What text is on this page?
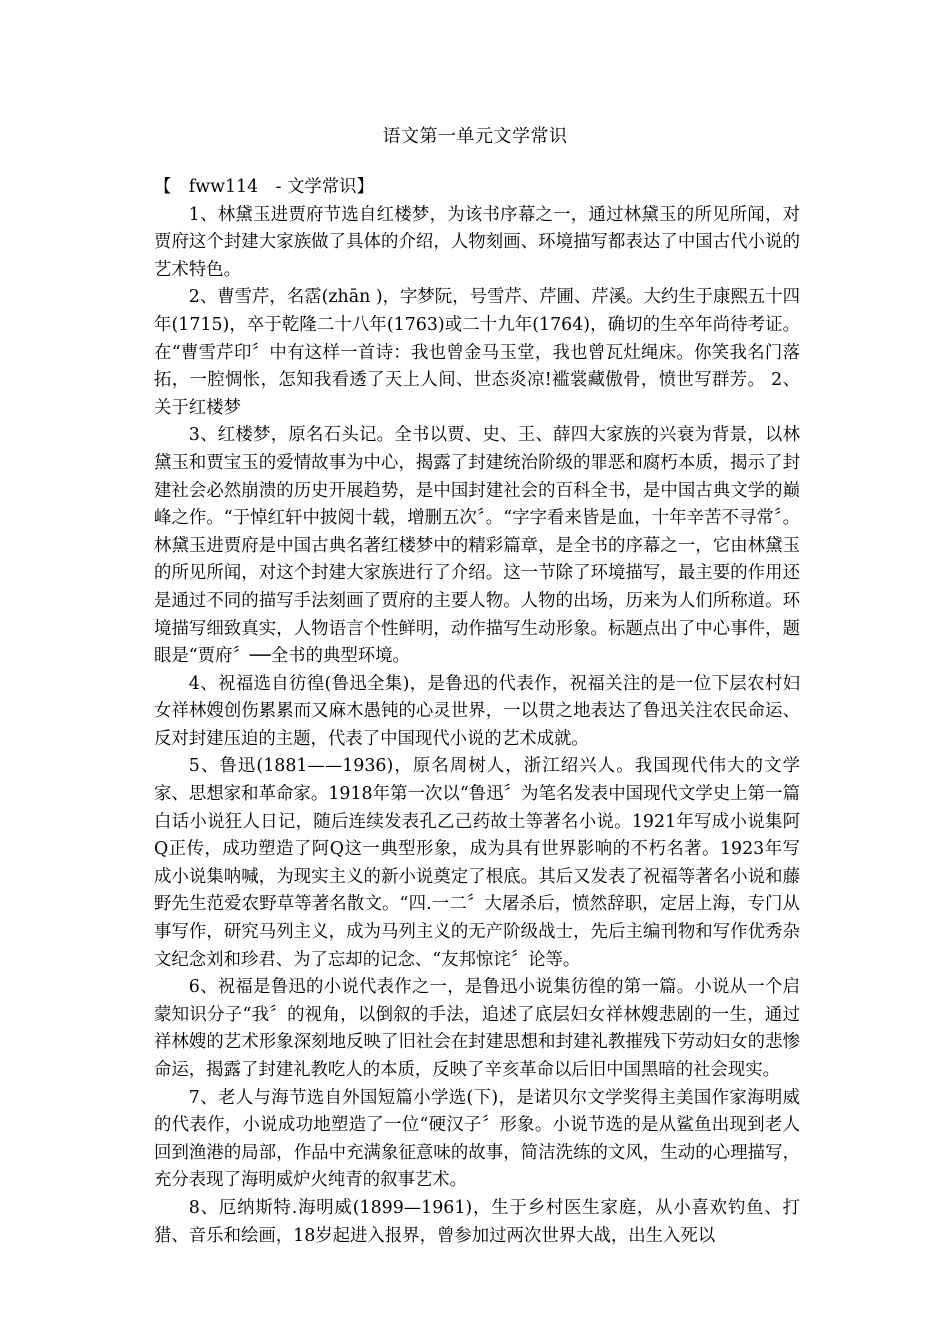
语文第一单元文学常识

【　fww114　- 文学常识】

1、林黛玉进贾府节选自红楼梦，为该书序幕之一，通过林黛玉的所见所闻，对贾府这个封建大家族做了具体的介绍，人物刻画、环境描写都表达了中国古代小说的艺术特色。

2、曹雪芹，名霑(zhān )，字梦阮，号雪芹、芹圃、芹溪。大约生于康熙五十四年(1715)，卒于乾隆二十八年(1763)或二十九年(1764)，确切的生卒年尚待考证。在“曹雪芹印〞中有这样一首诗：我也曾金马玉堂，我也曾瓦灶绳床。你笑我名门落拓，一腔惆怅，怎知我看透了天上人间、世态炎凉!褴裳藏傲骨，愤世写群芳。 2、关于红楼梦

3、红楼梦，原名石头记。全书以贾、史、王、薛四大家族的兴衰为背景，以林黛玉和贾宝玉的爱情故事为中心，揭露了封建统治阶级的罪恶和腐朽本质，揭示了封建社会必然崩溃的历史开展趋势，是中国封建社会的百科全书，是中国古典文学的巅峰之作。“于悼红轩中披阅十载，增删五次〞。“字字看来皆是血，十年辛苦不寻常〞。 林黛玉进贾府是中国古典名著红楼梦中的精彩篇章，是全书的序幕之一，它由林黛玉的所见所闻，对这个封建大家族进行了介绍。这一节除了环境描写，最主要的作用还是通过不同的描写手法刻画了贾府的主要人物。人物的出场，历来为人们所称道。环境描写细致真实，人物语言个性鲜明，动作描写生动形象。标题点出了中心事件，题眼是“贾府〞──全书的典型环境。

4、祝福选自彷徨(鲁迅全集)，是鲁迅的代表作，祝福关注的是一位下层农村妇女祥林嫂创伤累累而又麻木愚钝的心灵世界，一以贯之地表达了鲁迅关注农民命运、反对封建压迫的主题，代表了中国现代小说的艺术成就。

5、鲁迅(1881——1936)，原名周树人，浙江绍兴人。我国现代伟大的文学家、思想家和革命家。1918年第一次以“鲁迅〞为笔名发表中国现代文学史上第一篇白话小说狂人日记，随后连续发表孔乙己药故土等著名小说。1921年写成小说集阿Q正传，成功塑造了阿Q这一典型形象，成为具有世界影响的不朽名著。1923年写成小说集呐喊，为现实主义的新小说奠定了根底。其后又发表了祝福等著名小说和藤野先生范爱农野草等著名散文。“四.一二〞大屠杀后，愤然辞职，定居上海，专门从事写作，研究马列主义，成为马列主义的无产阶级战士，先后主编刊物和写作优秀杂文纪念刘和珍君、为了忘却的记念、“友邦惊诧〞论等。

6、祝福是鲁迅的小说代表作之一，是鲁迅小说集彷徨的第一篇。小说从一个启蒙知识分子“我〞的视角，以倒叙的手法，追述了底层妇女祥林嫂悲剧的一生，通过祥林嫂的艺术形象深刻地反映了旧社会在封建思想和封建礼教摧残下劳动妇女的悲惨命运，揭露了封建礼教吃人的本质，反映了辛亥革命以后旧中国黑暗的社会现实。

7、老人与海节选自外国短篇小学选(下)，是诺贝尔文学奖得主美国作家海明威的代表作，小说成功地塑造了一位“硬汉子〞形象。小说节选的是从鲨鱼出现到老人回到渔港的局部，作品中充满象征意味的故事，简洁洗练的文风，生动的心理描写，充分表现了海明威炉火纯青的叙事艺术。

8、厄纳斯特.海明威(1899—1961)，生于乡村医生家庭，从小喜欢钓鱼、打猎、音乐和绘画，18岁起进入报界，曾参加过两次世界大战，出生入死以
